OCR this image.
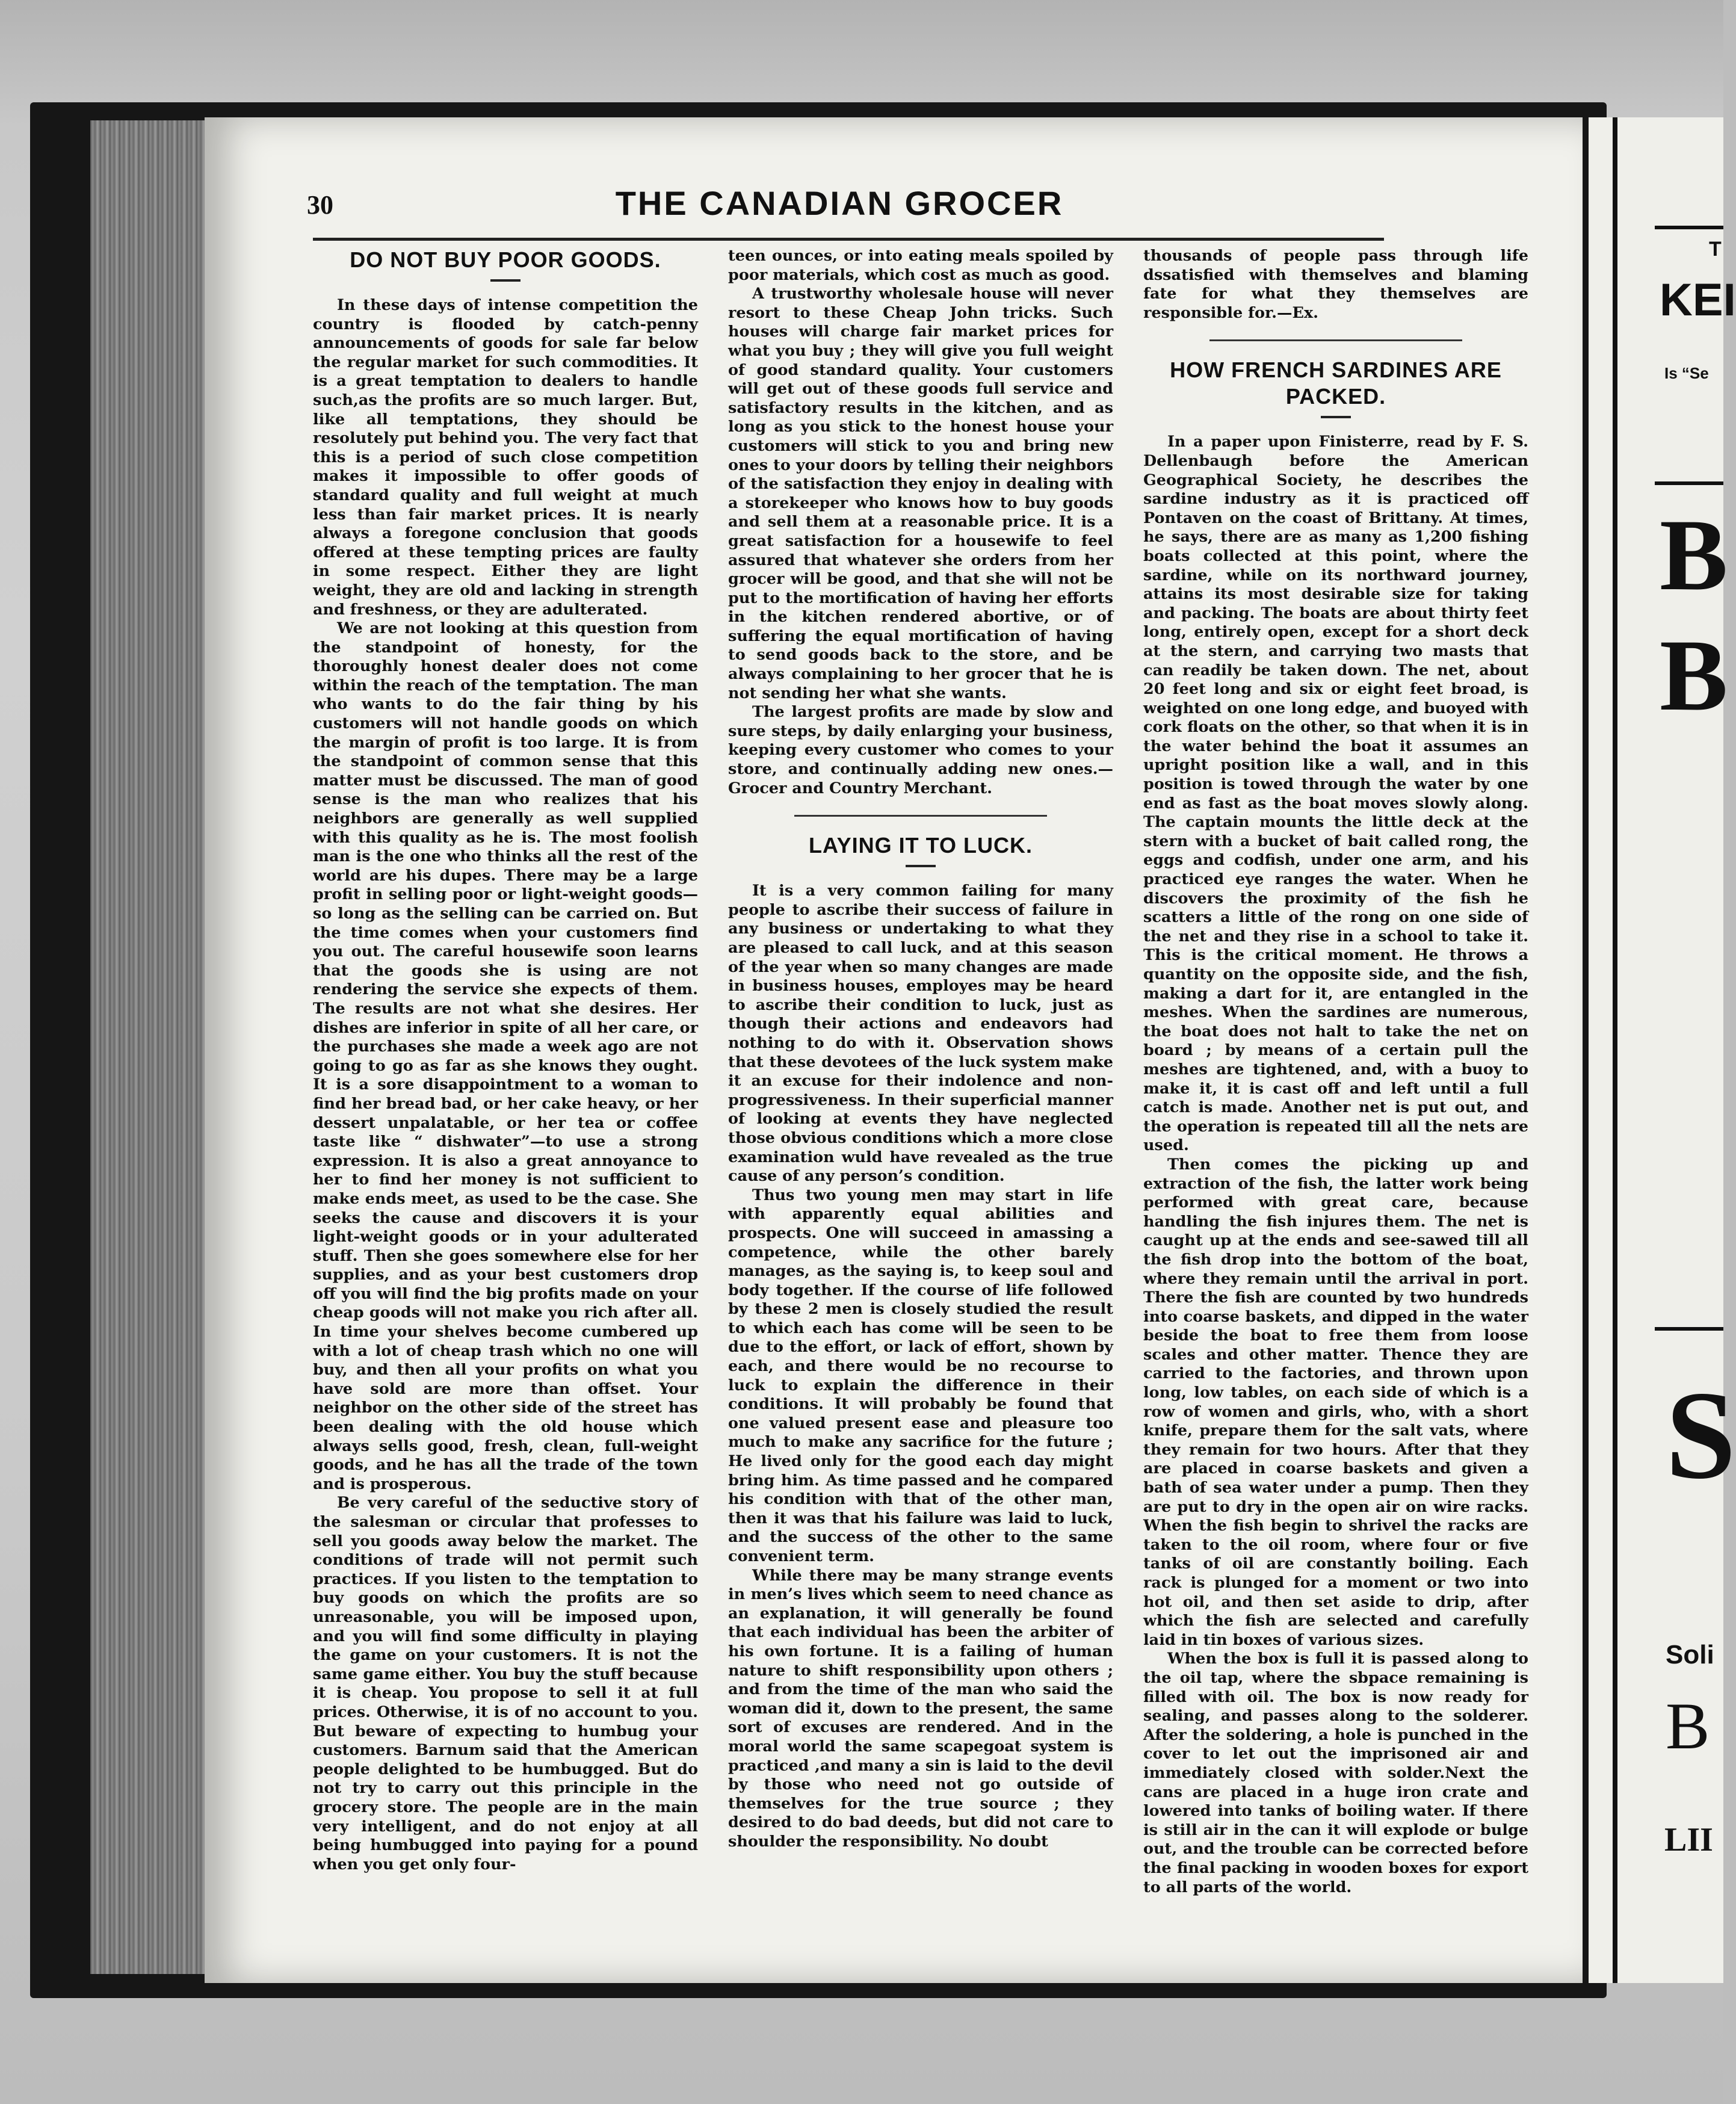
T
KEI
Is “Se
B
B
S
Soli
B
LII
30	THE CANADIAN GROCER
DO NOT BUY POOR GOODS.

In these days of intense competition the country is flooded by catch-penny announcements of goods for sale far below the regular market for such commodities. It is a great temptation to dealers to handle such,as the profits are so much larger. But, like all temptations, they should be resolutely put behind you. The very fact that this is a period of such close competition makes it impossible to offer goods of standard quality and full weight at much less than fair market prices. It is nearly always a foregone conclusion that goods offered at these tempting prices are faulty in some respect. Either they are light weight, they are old and lacking in strength and freshness, or they are adulterated.

We are not looking at this question from the standpoint of honesty, for the thoroughly honest dealer does not come within the reach of the temptation. The man who wants to do the fair thing by his customers will not handle goods on which the margin of profit is too large. It is from the standpoint of common sense that this matter must be discussed. The man of good sense is the man who realizes that his neighbors are generally as well supplied with this quality as he is. The most foolish man is the one who thinks all the rest of the world are his dupes. There may be a large profit in selling poor or light-weight goods—so long as the selling can be carried on. But the time comes when your customers find you out. The careful housewife soon learns that the goods she is using are not rendering the service she expects of them. The results are not what she desires. Her dishes are inferior in spite of all her care, or the purchases she made a week ago are not going to go as far as she knows they ought. It is a sore disappointment to a woman to find her bread bad, or her cake heavy, or her dessert unpalatable, or her tea or coffee taste like “ dishwater”—to use a strong expression. It is also a great annoyance to her to find her money is not sufficient to make ends meet, as used to be the case. She seeks the cause and discovers it is your light-weight goods or in your adulterated stuff. Then she goes somewhere else for her supplies, and as your best customers drop off you will find the big profits made on your cheap goods will not make you rich after all. In time your shelves become cumbered up with a lot of cheap trash which no one will buy, and then all your profits on what you have sold are more than offset. Your neighbor on the other side of the street has been dealing with the old house which always sells good, fresh, clean, full-weight goods, and he has all the trade of the town and is prosperous.

Be very careful of the seductive story of the salesman or circular that professes to sell you goods away below the market. The conditions of trade will not permit such practices. If you listen to the temptation to buy goods on which the profits are so unreasonable, you will be imposed upon, and you will find some difficulty in playing the game on your customers. It is not the same game either. You buy the stuff because it is cheap. You propose to sell it at full prices. Otherwise, it is of no account to you. But beware of expecting to humbug your customers. Barnum said that the American people delighted to be humbugged. But do not try to carry out this principle in the grocery store. The people are in the main very intelligent, and do not enjoy at all being humbugged into paying for a pound when you get only four-

teen ounces, or into eating meals spoiled by poor materials, which cost as much as good.

A trustworthy wholesale house will never resort to these Cheap John tricks. Such houses will charge fair market prices for what you buy ; they will give you full weight of good standard quality. Your customers will get out of these goods full service and satisfactory results in the kitchen, and as long as you stick to the honest house your customers will stick to you and bring new ones to your doors by telling their neighbors of the satisfaction they enjoy in dealing with a storekeeper who knows how to buy goods and sell them at a reasonable price. It is a great satisfaction for a housewife to feel assured that whatever she orders from her grocer will be good, and that she will not be put to the mortification of having her efforts in the kitchen rendered abortive, or of suffering the equal mortification of having to send goods back to the store, and be always complaining to her grocer that he is not sending her what she wants.

The largest profits are made by slow and sure steps, by daily enlarging your business, keeping every customer who comes to your store, and continually adding new ones.—Grocer and Country Merchant.

LAYING IT TO LUCK.

It is a very common failing for many people to ascribe their success of failure in any business or undertaking to what they are pleased to call luck, and at this season of the year when so many changes are made in business houses, employes may be heard to ascribe their condition to luck, just as though their actions and endeavors had nothing to do with it. Observation shows that these devotees of the luck system make it an excuse for their indolence and non-progressiveness. In their superficial manner of looking at events they have neglected those obvious conditions which a more close examination wuld have revealed as the true cause of any person’s condition.

Thus two young men may start in life with apparently equal abilities and prospects. One will succeed in amassing a competence, while the other barely manages, as the saying is, to keep soul and body together. If the course of life followed by these 2 men is closely studied the result to which each has come will be seen to be due to the effort, or lack of effort, shown by each, and there would be no recourse to luck to explain the difference in their conditions. It will probably be found that one valued present ease and pleasure too much to make any sacrifice for the future ; He lived only for the good each day might bring him. As time passed and he compared his condition with that of the other man, then it was that his failure was laid to luck, and the success of the other to the same convenient term.

While there may be many strange events in men’s lives which seem to need chance as an explanation, it will generally be found that each individual has been the arbiter of his own fortune. It is a failing of human nature to shift responsibility upon others ; and from the time of the man who said the woman did it, down to the present, the same sort of excuses are rendered. And in the moral world the same scapegoat system is practiced ,and many a sin is laid to the devil by those who need not go outside of themselves for the true source ; they desired to do bad deeds, but did not care to shoulder the responsibility. No doubt

thousands of people pass through life dssatisfied with themselves and blaming fate for what they themselves are responsible for.—Ex.

HOW FRENCH SARDINES ARE PACKED.

In a paper upon Finisterre, read by F. S. Dellenbaugh before the American Geographical Society, he describes the sardine industry as it is practiced off Pontaven on the coast of Brittany. At times, he says, there are as many as 1,200 fishing boats collected at this point, where the sardine, while on its northward journey, attains its most desirable size for taking and packing. The boats are about thirty feet long, entirely open, except for a short deck at the stern, and carrying two masts that can readily be taken down. The net, about 20 feet long and six or eight feet broad, is weighted on one long edge, and buoyed with cork floats on the other, so that when it is in the water behind the boat it assumes an upright position like a wall, and in this position is towed through the water by one end as fast as the boat moves slowly along. The captain mounts the little deck at the stern with a bucket of bait called rong, the eggs and codfish, under one arm, and his practiced eye ranges the water. When he discovers the proximity of the fish he scatters a little of the rong on one side of the net and they rise in a school to take it. This is the critical moment. He throws a quantity on the opposite side, and the fish, making a dart for it, are entangled in the meshes. When the sardines are numerous, the boat does not halt to take the net on board ; by means of a certain pull the meshes are tightened, and, with a buoy to make it, it is cast off and left until a full catch is made. Another net is put out, and the operation is repeated till all the nets are used.

Then comes the picking up and extraction of the fish, the latter work being performed with great care, because handling the fish injures them. The net is caught up at the ends and see-sawed till all the fish drop into the bottom of the boat, where they remain until the arrival in port. There the fish are counted by two hundreds into coarse baskets, and dipped in the water beside the boat to free them from loose scales and other matter. Thence they are carried to the factories, and thrown upon long, low tables, on each side of which is a row of women and girls, who, with a short knife, prepare them for the salt vats, where they remain for two hours. After that they are placed in coarse baskets and given a bath of sea water under a pump. Then they are put to dry in the open air on wire racks. When the fish begin to shrivel the racks are taken to the oil room, where four or five tanks of oil are constantly boiling. Each rack is plunged for a moment or two into hot oil, and then set aside to drip, after which the fish are selected and carefully laid in tin boxes of various sizes.

When the box is full it is passed along to the oil tap, where the sbpace remaining is filled with oil. The box is now ready for sealing, and passes along to the solderer. After the soldering, a hole is punched in the cover to let out the imprisoned air and immediately closed with solder.Next the cans are placed in a huge iron crate and lowered into tanks of boiling water. If there is still air in the can it will explode or bulge out, and the trouble can be corrected before the final packing in wooden boxes for export to all parts of the world.
